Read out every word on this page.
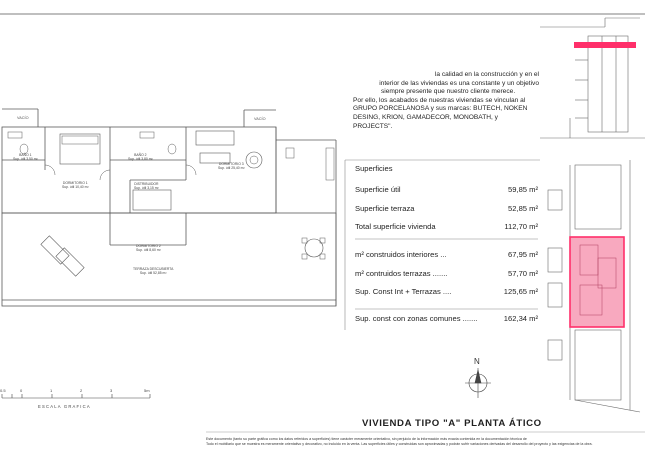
VACÍO	VACÍO
BAÑO 1
Sup. útil 3,50 m²
BAÑO 2
Sup. útil 3,80 m²
DORMITORIO 1
Sup. útil 10,40 m²
DISTRIBUIDOR
Sup. útil 3,15 m²
DORMITORIO 3
Sup. útil 25,40 m²
DORMITORIO 2
Sup. útil 8,60 m²
TERRAZA DESCUBIERTA
Sup. útil 52,85 m²
N
0.5	0	1	2	3	5m
ESCALA GRAFICA
la calidad en la construcción y en el
interior de las viviendas es una constante y un objetivo
siempre presente que nuestro cliente merece.
Por ello, los acabados de nuestras viviendas se vinculan al
GRUPO PORCELANOSA y sus marcas: BUTECH, NOKEN
DESING, KRION, GAMADECOR, MONOBATH, y PROJECTS".
Superficies
Superficie útil	59,85 m²
Superficie terraza	52,85 m²
Total superficie vivienda	112,70 m²
m² construidos interiores ...	67,95 m²
m² contruidos terrazas .......	57,70 m²
Sup. Const Int + Terrazas ....	125,65 m²
Sup. const con zonas comunes .......	162,34 m²
VIVIENDA TIPO "A" PLANTA ÁTICO
Este documento (tanto su parte gráfica como los datos referidos a superficies) tiene carácter meramente orientativo, sin perjuicio de la información más exacta contenida en la documentación técnica de
Todo el mobiliario que se muestra es meramente orientativo y decorativo, no incluido en la venta. Las superficies útiles y construidas son aproximadas y podrán sufrir variaciones derivadas del desarrollo del proyecto y las exigencias de la obra.
